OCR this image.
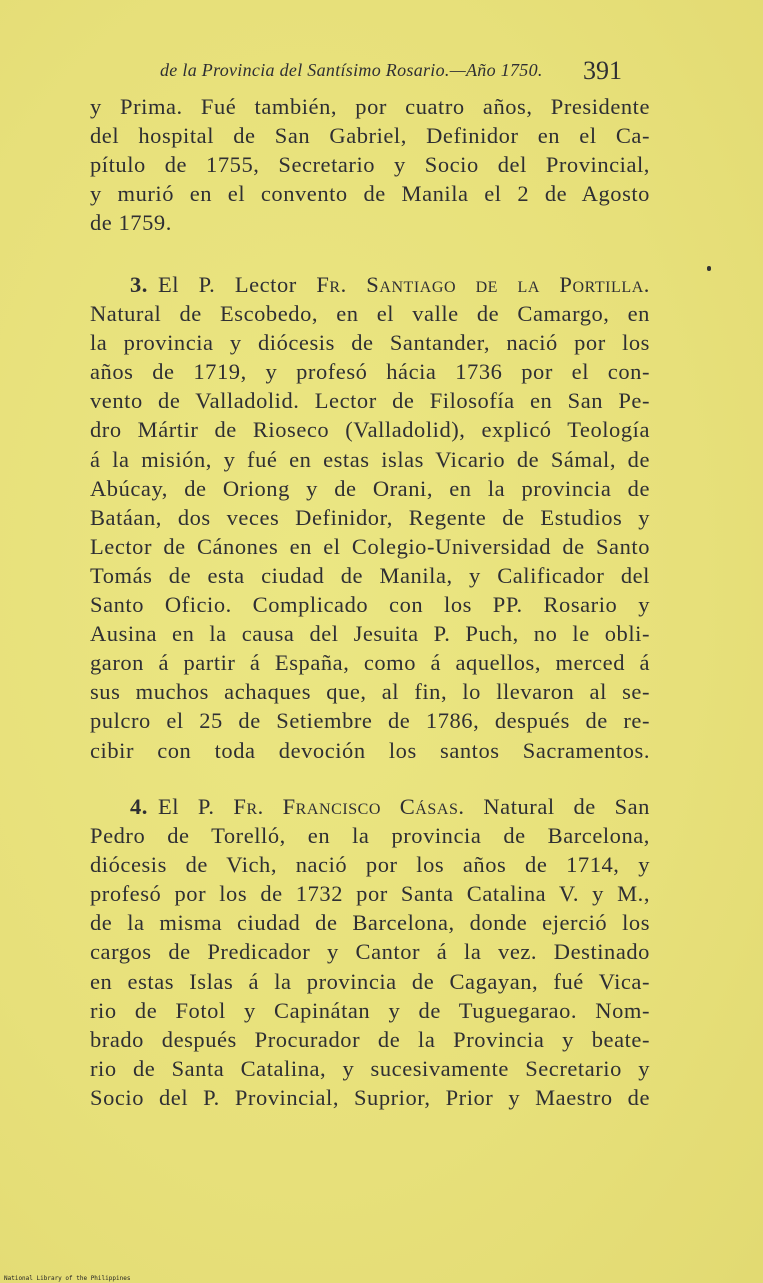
de la Provincia del Santísimo Rosario.—Año 1750.	391
y Prima. Fué también, por cuatro años, Presidente
del hospital de San Gabriel, Definidor en el Ca-
pítulo de 1755, Secretario y Socio del Provincial,
y murió en el convento de Manila el 2 de Agosto
de 1759.
3. El P. Lector Fr. Santiago de la Portilla.
Natural de Escobedo, en el valle de Camargo, en
la provincia y diócesis de Santander, nació por los
años de 1719, y profesó hácia 1736 por el con-
vento de Valladolid. Lector de Filosofía en San Pe-
dro Mártir de Rioseco (Valladolid), explicó Teología
á la misión, y fué en estas islas Vicario de Sámal, de
Abúcay, de Oriong y de Orani, en la provincia de
Batáan, dos veces Definidor, Regente de Estudios y
Lector de Cánones en el Colegio-Universidad de Santo
Tomás de esta ciudad de Manila, y Calificador del
Santo Oficio. Complicado con los PP. Rosario y
Ausina en la causa del Jesuita P. Puch, no le obli-
garon á partir á España, como á aquellos, merced á
sus muchos achaques que, al fin, lo llevaron al se-
pulcro el 25 de Setiembre de 1786, después de re-
cibir con toda devoción los santos Sacramentos.
4. El P. Fr. Francisco Cásas. Natural de San
Pedro de Torelló, en la provincia de Barcelona,
diócesis de Vich, nació por los años de 1714, y
profesó por los de 1732 por Santa Catalina V. y M.,
de la misma ciudad de Barcelona, donde ejerció los
cargos de Predicador y Cantor á la vez. Destinado
en estas Islas á la provincia de Cagayan, fué Vica-
rio de Fotol y Capinátan y de Tuguegarao. Nom-
brado después Procurador de la Provincia y beate-
rio de Santa Catalina, y sucesivamente Secretario y
Socio del P. Provincial, Suprior, Prior y Maestro de
National Library of the Philippines
